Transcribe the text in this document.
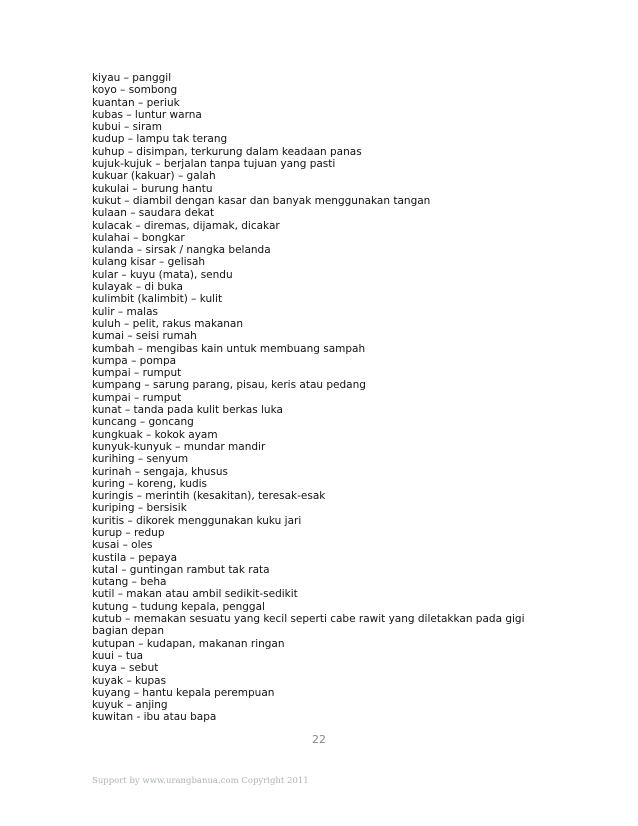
kiyau – panggil
koyo – sombong
kuantan – periuk
kubas – luntur warna
kubui – siram
kudup – lampu tak terang
kuhup – disimpan, terkurung dalam keadaan panas
kujuk-kujuk – berjalan tanpa tujuan yang pasti
kukuar (kakuar) – galah
kukulai – burung hantu
kukut – diambil dengan kasar dan banyak menggunakan tangan
kulaan – saudara dekat
kulacak – diremas, dijamak, dicakar
kulahai – bongkar
kulanda – sirsak / nangka belanda
kulang kisar – gelisah
kular – kuyu (mata), sendu
kulayak – di buka
kulimbit (kalimbit) – kulit
kulir – malas
kuluh – pelit, rakus makanan
kumai – seisi rumah
kumbah – mengibas kain untuk membuang sampah
kumpa – pompa
kumpai – rumput
kumpang – sarung parang, pisau, keris atau pedang
kumpai – rumput
kunat – tanda pada kulit berkas luka
kuncang – goncang
kungkuak – kokok ayam
kunyuk-kunyuk – mundar mandir
kurihing – senyum
kurinah – sengaja, khusus
kuring – koreng, kudis
kuringis – merintih (kesakitan), teresak-esak
kuriping – bersisik
kuritis – dikorek menggunakan kuku jari
kurup – redup
kusai – oles
kustila – pepaya
kutal – guntingan rambut tak rata
kutang – beha
kutil – makan atau ambil sedikit-sedikit
kutung – tudung kepala, penggal
kutub – memakan sesuatu yang kecil seperti cabe rawit yang diletakkan pada gigi bagian depan
kutupan – kudapan, makanan ringan
kuui – tua
kuya – sebut
kuyak – kupas
kuyang – hantu kepala perempuan
kuyuk – anjing
kuwitan - ibu atau bapa
22
Support by www.urangbanua.com Copyright 2011
